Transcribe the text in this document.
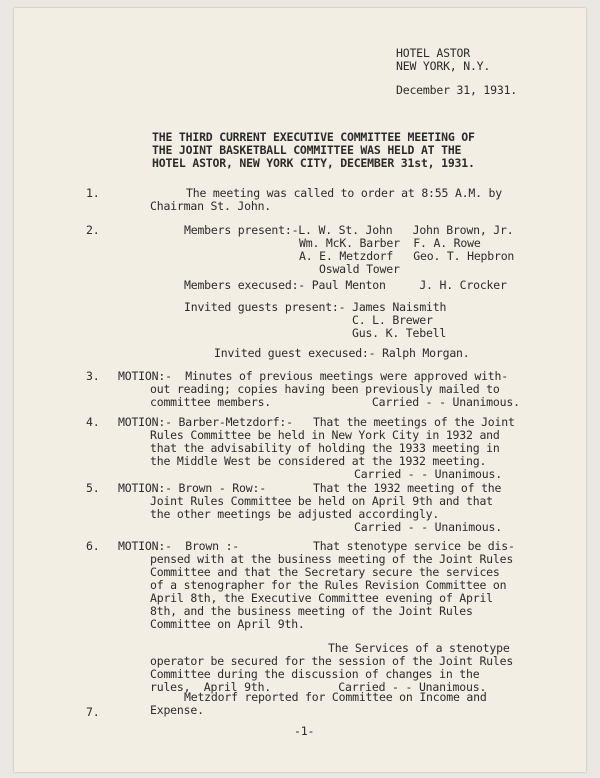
HOTEL ASTOR
NEW YORK, N.Y.
December 31, 1931.
THE THIRD CURRENT EXECUTIVE COMMITTEE MEETING OF
THE JOINT BASKETBALL COMMITTEE WAS HELD AT THE
HOTEL ASTOR, NEW YORK CITY, DECEMBER 31st, 1931.
1.	The meeting was called to order at 8:55 A.M. by
Chairman St. John.
2.	Members present:-L. W. St. John   John Brown, Jr.
Wm. McK. Barber  F. A. Rowe
A. E. Metzdorf   Geo. T. Hepbron
Oswald Tower
Members execused:- Paul Menton     J. H. Crocker
Invited guests present:- James Naismith
C. L. Brewer
Gus. K. Tebell
Invited guest execused:- Ralph Morgan.
3. MOTION:-  Minutes of previous meetings were approved with-
out reading; copies having been previously mailed to
committee members.               Carried - - Unanimous.
4. MOTION:- Barber-Metzdorf:-   That the meetings of the Joint
Rules Committee be held in New York City in 1932 and
that the advisability of holding the 1933 meeting in
the Middle West be considered at the 1932 meeting.
Carried - - Unanimous.
5. MOTION:- Brown - Row:-       That the 1932 meeting of the
Joint Rules Committee be held on April 9th and that
the other meetings be adjusted accordingly.
Carried - - Unanimous.
6. MOTION:-  Brown :-           That stenotype service be dis-
pensed with at the business meeting of the Joint Rules
Committee and that the Secretary secure the services
of a stenographer for the Rules Revision Committee on
April 8th, the Executive Committee evening of April
8th, and the business meeting of the Joint Rules
Committee on April 9th.
The Services of a stenotype
operator be secured for the session of the Joint Rules
Committee during the discussion of changes in the
rules,  April 9th.          Carried - - Unanimous.
7.
Metzdorf reported for Committee on Income and
Expense.
-1-
